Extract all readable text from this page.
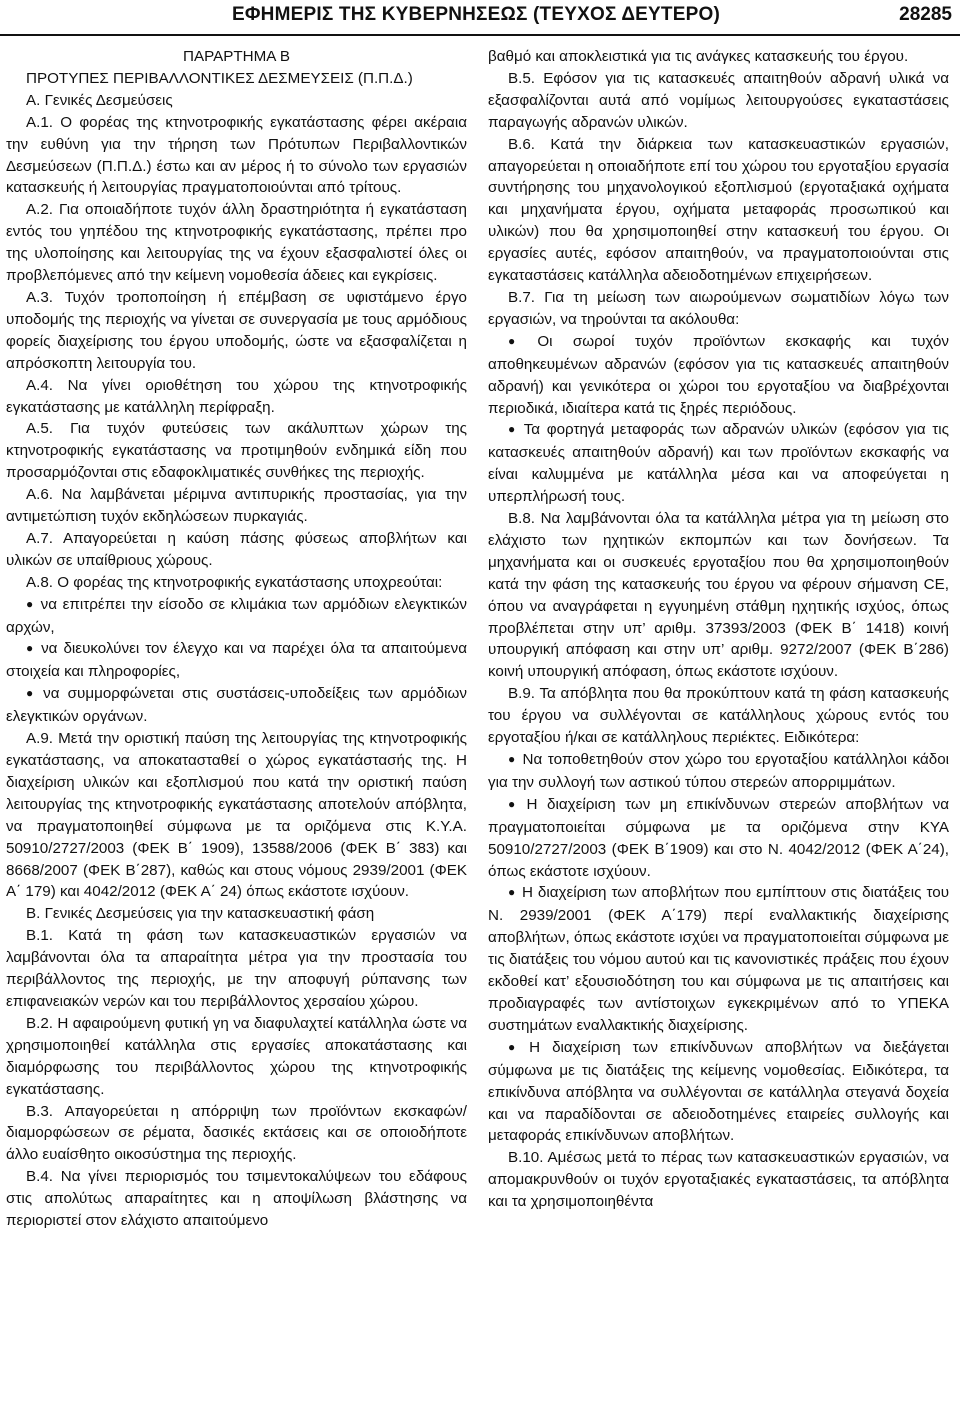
ΕΦΗΜΕΡΙΣ ΤΗΣ ΚΥΒΕΡΝΗΣΕΩΣ (ΤΕΥΧΟΣ ΔΕΥΤΕΡΟ)	28285

ΠΑΡΑΡΤΗΜΑ Β

ΠΡΟΤΥΠΕΣ ΠΕΡΙΒΑΛΛΟΝΤΙΚΕΣ ΔΕΣΜΕΥΣΕΙΣ (Π.Π.Δ.)

Α. Γενικές Δεσμεύσεις

Α.1. Ο φορέας της κτηνοτροφικής εγκατάστασης φέρει ακέραια την ευθύνη για την τήρηση των Πρότυπων Περιβαλλοντικών Δεσμεύσεων (Π.Π.Δ.) έστω και αν μέρος ή το σύνολο των εργασιών κατασκευής ή λειτουργίας πραγματοποιούνται από τρίτους.

Α.2. Για οποιαδήποτε τυχόν άλλη δραστηριότητα ή εγκατάσταση εντός του γηπέδου της κτηνοτροφικής εγκατάστασης, πρέπει προ της υλοποίησης και λειτουργίας της να έχουν εξασφαλιστεί όλες οι προβλεπόμενες από την κείμενη νομοθεσία άδειες και εγκρίσεις.

Α.3. Τυχόν τροποποίηση ή επέμβαση σε υφιστάμενο έργο υποδομής της περιοχής να γίνεται σε συνεργασία με τους αρμόδιους φορείς διαχείρισης του έργου υποδομής, ώστε να εξασφαλίζεται η απρόσκοπτη λειτουργία του.

Α.4. Να γίνει οριοθέτηση του χώρου της κτηνοτροφικής εγκατάστασης με κατάλληλη περίφραξη.

Α.5. Για τυχόν φυτεύσεις των ακάλυπτων χώρων της κτηνοτροφικής εγκατάστασης να προτιμηθούν ενδημικά είδη που προσαρμόζονται στις εδαφοκλιματικές συνθήκες της περιοχής.

Α.6. Να λαμβάνεται μέριμνα αντιπυρικής προστασίας, για την αντιμετώπιση τυχόν εκδηλώσεων πυρκαγιάς.

Α.7. Απαγορεύεται η καύση πάσης φύσεως αποβλήτων και υλικών σε υπαίθριους χώρους.

Α.8. Ο φορέας της κτηνοτροφικής εγκατάστασης υποχρεούται:

● να επιτρέπει την είσοδο σε κλιμάκια των αρμόδιων ελεγκτικών αρχών,

● να διευκολύνει τον έλεγχο και να παρέχει όλα τα απαιτούμενα στοιχεία και πληροφορίες,

● να συμμορφώνεται στις συστάσεις-υποδείξεις των αρμόδιων ελεγκτικών οργάνων.

Α.9. Μετά την οριστική παύση της λειτουργίας της κτηνοτροφικής εγκατάστασης, να αποκατασταθεί ο χώρος εγκατάστασής της. Η διαχείριση υλικών και εξοπλισμού που κατά την οριστική παύση λειτουργίας της κτηνοτροφικής εγκατάστασης αποτελούν απόβλητα, να πραγματοποιηθεί σύμφωνα με τα οριζόμενα στις Κ.Υ.Α. 50910/2727/2003 (ΦΕΚ Β΄ 1909), 13588/2006 (ΦΕΚ Β΄ 383) και 8668/2007 (ΦΕΚ Β΄287), καθώς και στους νόμους 2939/2001 (ΦΕΚ Α΄ 179) και 4042/2012 (ΦΕΚ Α΄ 24) όπως εκάστοτε ισχύουν.

Β. Γενικές Δεσμεύσεις για την κατασκευαστική φάση

Β.1. Κατά τη φάση των κατασκευαστικών εργασιών να λαμβάνονται όλα τα απαραίτητα μέτρα για την προστασία του περιβάλλοντος της περιοχής, με την αποφυγή ρύπανσης των επιφανειακών νερών και του περιβάλλοντος χερσαίου χώρου.

Β.2. Η αφαιρούμενη φυτική γη να διαφυλαχτεί κατάλληλα ώστε να χρησιμοποιηθεί κατάλληλα στις εργασίες αποκατάστασης και διαμόρφωσης του περιβάλλοντος χώρου της κτηνοτροφικής εγκατάστασης.

Β.3. Απαγορεύεται η απόρριψη των προϊόντων εκσκαφών/διαμορφώσεων σε ρέματα, δασικές εκτάσεις και σε οποιοδήποτε άλλο ευαίσθητο οικοσύστημα της περιοχής.

Β.4. Να γίνει περιορισμός του τσιμεντοκαλύψεων του εδάφους στις απολύτως απαραίτητες και η αποψίλωση βλάστησης να περιοριστεί στον ελάχιστο απαιτούμενο

βαθμό και αποκλειστικά για τις ανάγκες κατασκευής του έργου.

Β.5. Εφόσον για τις κατασκευές απαιτηθούν αδρανή υλικά να εξασφαλίζονται αυτά από νομίμως λειτουργούσες εγκαταστάσεις παραγωγής αδρανών υλικών.

Β.6. Κατά την διάρκεια των κατασκευαστικών εργασιών, απαγορεύεται η οποιαδήποτε επί του χώρου του εργοταξίου εργασία συντήρησης του μηχανολογικού εξοπλισμού (εργοταξιακά οχήματα και μηχανήματα έργου, οχήματα μεταφοράς προσωπικού και υλικών) που θα χρησιμοποιηθεί στην κατασκευή του έργου. Οι εργασίες αυτές, εφόσον απαιτηθούν, να πραγματοποιούνται στις εγκαταστάσεις κατάλληλα αδειοδοτημένων επιχειρήσεων.

Β.7. Για τη μείωση των αιωρούμενων σωματιδίων λόγω των εργασιών, να τηρούνται τα ακόλουθα:

● Οι σωροί τυχόν προϊόντων εκσκαφής και τυχόν αποθηκευμένων αδρανών (εφόσον για τις κατασκευές απαιτηθούν αδρανή) και γενικότερα οι χώροι του εργοταξίου να διαβρέχονται περιοδικά, ιδιαίτερα κατά τις ξηρές περιόδους.

● Τα φορτηγά μεταφοράς των αδρανών υλικών (εφόσον για τις κατασκευές απαιτηθούν αδρανή) και των προϊόντων εκσκαφής να είναι καλυμμένα με κατάλληλα μέσα και να αποφεύγεται η υπερπλήρωσή τους.

Β.8. Να λαμβάνονται όλα τα κατάλληλα μέτρα για τη μείωση στο ελάχιστο των ηχητικών εκπομπών και των δονήσεων. Τα μηχανήματα και οι συσκευές εργοταξίου που θα χρησιμοποιηθούν κατά την φάση της κατασκευής του έργου να φέρουν σήμανση CE, όπου να αναγράφεται η εγγυημένη στάθμη ηχητικής ισχύος, όπως προβλέπεται στην υπ’ αριθμ. 37393/2003 (ΦΕΚ Β΄ 1418) κοινή υπουργική απόφαση και στην υπ’ αριθμ. 9272/2007 (ΦΕΚ Β΄286) κοινή υπουργική απόφαση, όπως εκάστοτε ισχύουν.

Β.9. Τα απόβλητα που θα προκύπτουν κατά τη φάση κατασκευής του έργου να συλλέγονται σε κατάλληλους χώρους εντός του εργοταξίου ή/και σε κατάλληλους περιέκτες. Ειδικότερα:

● Να τοποθετηθούν στον χώρο του εργοταξίου κατάλληλοι κάδοι για την συλλογή των αστικού τύπου στερεών απορριμμάτων.

● Η διαχείριση των μη επικίνδυνων στερεών αποβλήτων να πραγματοποιείται σύμφωνα με τα οριζόμενα στην ΚΥΑ 50910/2727/2003 (ΦΕΚ Β΄1909) και στο Ν. 4042/2012 (ΦΕΚ Α΄24), όπως εκάστοτε ισχύουν.

● Η διαχείριση των αποβλήτων που εμπίπτουν στις διατάξεις του Ν. 2939/2001 (ΦΕΚ Α΄179) περί εναλλακτικής διαχείρισης αποβλήτων, όπως εκάστοτε ισχύει να πραγματοποιείται σύμφωνα με τις διατάξεις του νόμου αυτού και τις κανονιστικές πράξεις που έχουν εκδοθεί κατ’ εξουσιοδότηση του και σύμφωνα με τις απαιτήσεις και προδιαγραφές των αντίστοιχων εγκεκριμένων από το ΥΠΕΚΑ συστημάτων εναλλακτικής διαχείρισης.

● Η διαχείριση των επικίνδυνων αποβλήτων να διεξάγεται σύμφωνα με τις διατάξεις της κείμενης νομοθεσίας. Ειδικότερα, τα επικίνδυνα απόβλητα να συλλέγονται σε κατάλληλα στεγανά δοχεία και να παραδίδονται σε αδειοδοτημένες εταιρείες συλλογής και μεταφοράς επικίνδυνων αποβλήτων.

Β.10. Αμέσως μετά το πέρας των κατασκευαστικών εργασιών, να απομακρυνθούν οι τυχόν εργοταξιακές εγκαταστάσεις, τα απόβλητα και τα χρησιμοποιηθέντα
